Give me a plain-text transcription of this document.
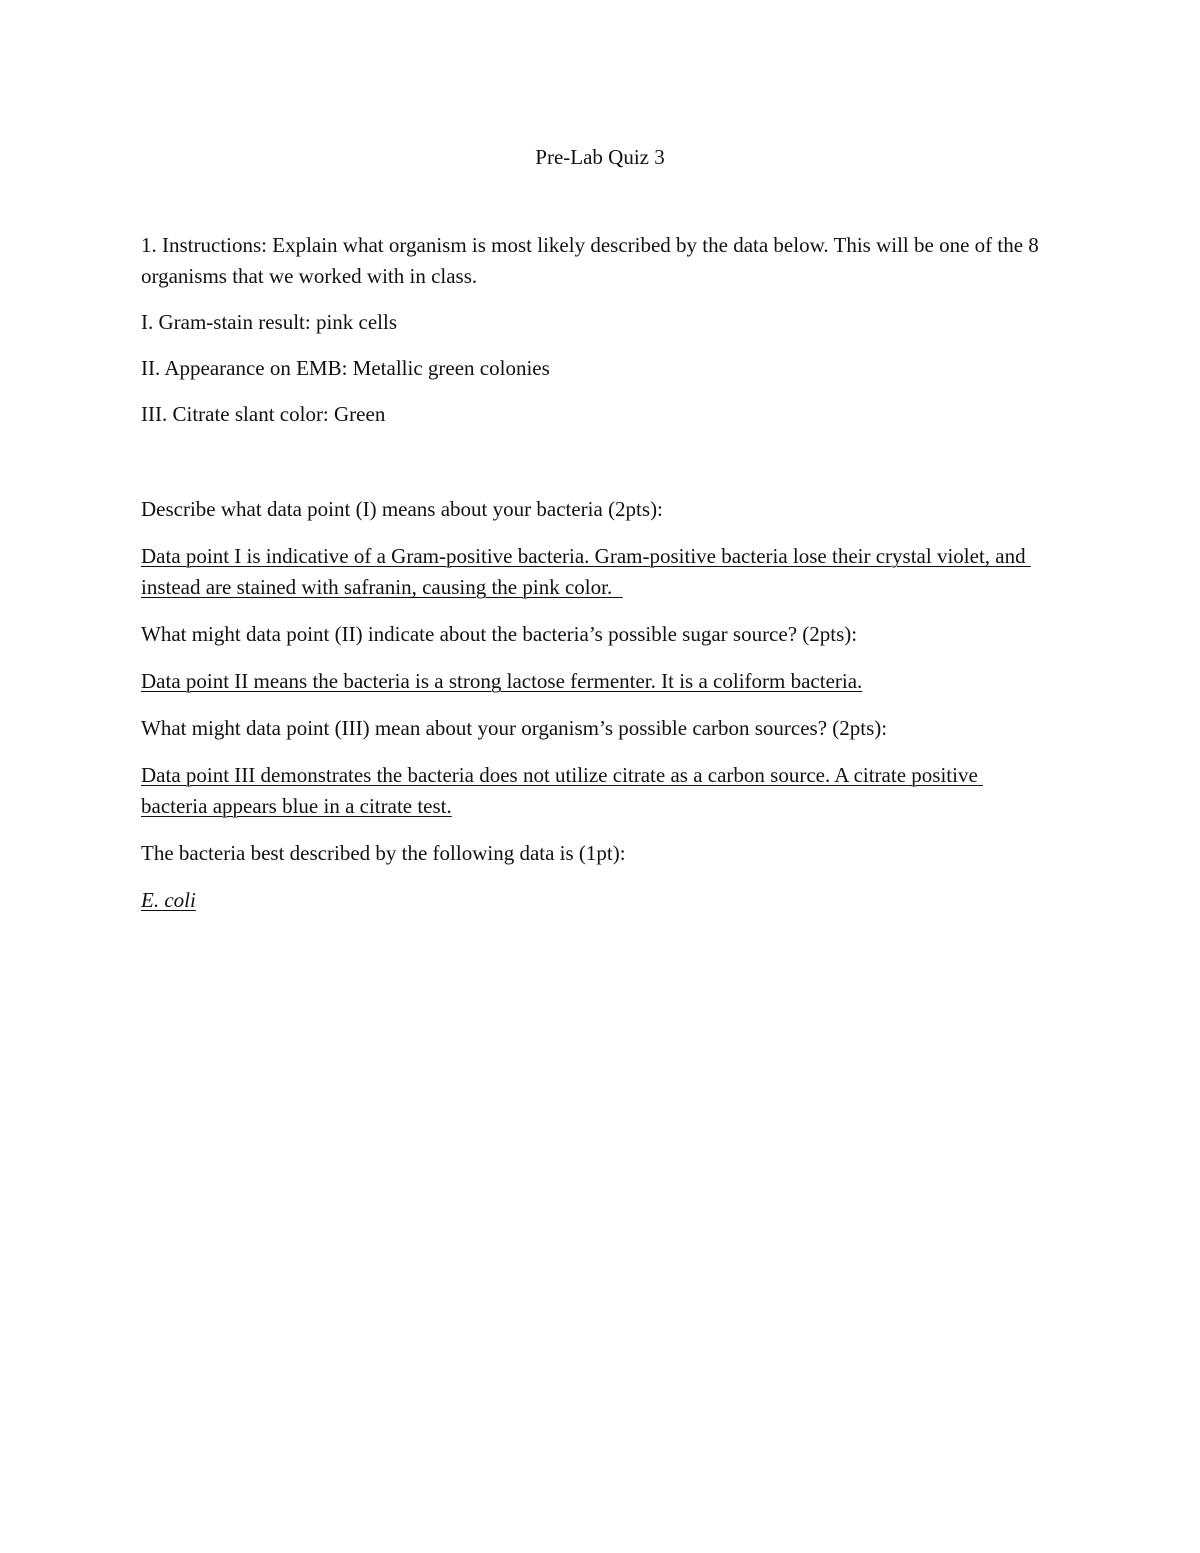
Pre-Lab Quiz 3

1. Instructions: Explain what organism is most likely described by the data below. This will be one of the 8 organisms that we worked with in class.

I. Gram-stain result: pink cells

II. Appearance on EMB: Metallic green colonies

III. Citrate slant color: Green

Describe what data point (I) means about your bacteria (2pts):

Data point I is indicative of a Gram-positive bacteria. Gram-positive bacteria lose their crystal violet, and instead are stained with safranin, causing the pink color.

What might data point (II) indicate about the bacteria’s possible sugar source? (2pts):

Data point II means the bacteria is a strong lactose fermenter. It is a coliform bacteria.

What might data point (III) mean about your organism’s possible carbon sources? (2pts):

Data point III demonstrates the bacteria does not utilize citrate as a carbon source. A citrate positive bacteria appears blue in a citrate test.

The bacteria best described by the following data is (1pt):

E. coli
